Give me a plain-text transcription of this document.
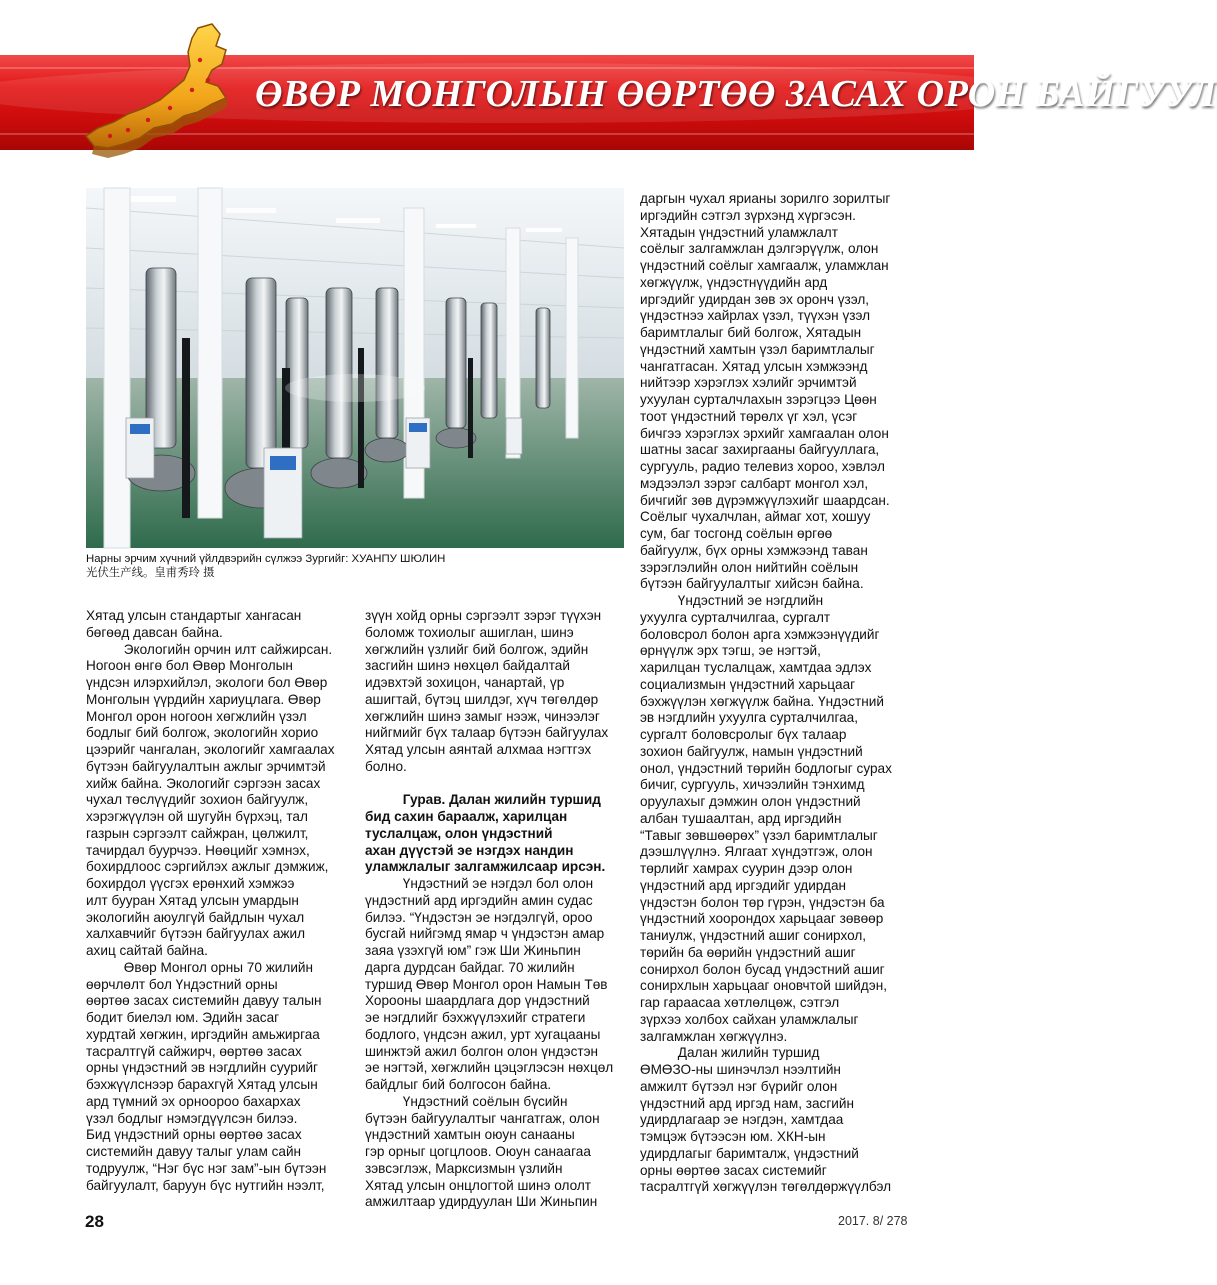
ӨВӨР МОНГОЛЫН ӨӨРТӨӨ ЗАСАХ ОРОН БАЙГУУЛ
Нарны эрчим хүчний үйлдвэрийн сүлжээ Зургийг: ХУАНПУ ШЮЛИН
光伏生产线。皇甫秀玲 摄

Хятад улсын стандартыг хангасан

бөгөөд давсан байна.

Экологийн орчин илт сайжирсан.

Ногоон өнгө бол Өвөр Монголын

үндсэн илэрхийлэл, экологи бол Өвөр

Монголын үүрдийн хариуцлага. Өвөр

Монгол орон ногоон хөгжлийн үзэл

бодлыг бий болгож, экологийн хорио

цээрийг чангалан, экологийг хамгаалах

бүтээн байгуулалтын ажлыг эрчимтэй

хийж байна. Экологийг сэргээн засах

чухал төслүүдийг зохион байгуулж,

хэрэгжүүлэн ой шугуйн бүрхэц, тал

газрын сэргээлт сайжран, цөлжилт,

тачирдал буурчээ. Нөөцийг хэмнэх,

бохирдлоос сэргийлэх ажлыг дэмжиж,

бохирдол үүсгэх ерөнхий хэмжээ

илт бууран Хятад улсын умардын

экологийн аюулгүй байдлын чухал

халхавчийг бүтээн байгуулах ажил

ахиц сайтай байна.

Өвөр Монгол орны 70 жилийн

өөрчлөлт бол Үндэстний орны

өөртөө засах системийн давуу талын

бодит биелэл юм. Эдийн засаг

хурдтай хөгжин, иргэдийн амьжиргаа

тасралтгүй сайжирч, өөртөө засах

орны үндэстний эв нэгдлийн суурийг

бэхжүүлснээр барахгүй Хятад улсын

ард түмний эх орноороо бахархах

үзэл бодлыг нэмэгдүүлсэн билээ.

Бид үндэстний орны өөртөө засах

системийн давуу талыг улам сайн

тодруулж, “Нэг бүс нэг зам”-ын бүтээн

байгуулалт, баруун бүс нутгийн нээлт,

зүүн хойд орны сэргээлт зэрэг түүхэн

боломж тохиолыг ашиглан, шинэ

хөгжлийн үзлийг бий болгож, эдийн

засгийн шинэ нөхцөл байдалтай

идэвхтэй зохицон, чанартай, үр

ашигтай, бүтэц шилдэг, хүч төгөлдөр

хөгжлийн шинэ замыг нээж, чинээлэг

нийгмийг бүх талаар бүтээн байгуулах

Хятад улсын аянтай алхмаа нэгтгэх

болно.

Гурав. Далан жилийн туршид

бид сахин бараалж, харилцан

туслалцаж, олон үндэстний

ахан дүүстэй эе нэгдэх нандин

уламжлалыг залгамжилсаар ирсэн.

Үндэстний эе нэгдэл бол олон

үндэстний ард иргэдийн амин судас

билээ. “Үндэстэн эе нэгдэлгүй, ороо

бусгай нийгэмд ямар ч үндэстэн амар

заяа үзэхгүй юм” гэж Ши Жиньпин

дарга дурдсан байдаг. 70 жилийн

туршид Өвөр Монгол орон Намын Төв

Хорооны шаардлага дор үндэстний

эе нэгдлийг бэхжүүлэхийг стратеги

бодлого, үндсэн ажил, урт хугацааны

шинжтэй ажил болгон олон үндэстэн

эе нэгтэй, хөгжлийн цэцэглэсэн нөхцөл

байдлыг бий болгосон байна.

Үндэстний соёлын бүсийн

бүтээн байгуулалтыг чангатгаж, олон

үндэстний хамтын оюун санааны

гэр орныг цогцлоов. Оюун санаагаа

зэвсэглэж, Марксизмын үзлийн

Хятад улсын онцлогтой шинэ ололт

амжилтаар удирдуулан Ши Жиньпин

даргын чухал ярианы зорилго зорилтыг

иргэдийн сэтгэл зүрхэнд хүргэсэн.

Хятадын үндэстний уламжлалт

соёлыг залгамжлан дэлгэрүүлж, олон

үндэстний соёлыг хамгаалж, уламжлан

хөгжүүлж, үндэстнүүдийн ард

иргэдийг удирдан зөв эх оронч үзэл,

үндэстнээ хайрлах үзэл, түүхэн үзэл

баримтлалыг бий болгож, Хятадын

үндэстний хамтын үзэл баримтлалыг

чангатгасан. Хятад улсын хэмжээнд

нийтээр хэрэглэх хэлийг эрчимтэй

ухуулан сурталчлахын зэрэгцээ Цөөн

тоот үндэстний төрөлх үг хэл, үсэг

бичгээ хэрэглэх эрхийг хамгаалан олон

шатны засаг захиргааны байгууллага,

сургууль, радио телевиз хороо, хэвлэл

мэдээлэл зэрэг салбарт монгол хэл,

бичгийг зөв дүрэмжүүлэхийг шаардсан.

Соёлыг чухалчлан, аймаг хот, хошуу

сум, баг тосгонд соёлын өргөө

байгуулж, бүх орны хэмжээнд таван

зэрэглэлийн олон нийтийн соёлын

бүтээн байгуулалтыг хийсэн байна.

Үндэстний эе нэгдлийн

ухуулга сурталчилгаа, сургалт

боловсрол болон арга хэмжээнүүдийг

өрнүүлж эрх тэгш, эе нэгтэй,

харилцан туслалцаж, хамтдаа эдлэх

социализмын үндэстний харьцааг

бэхжүүлэн хөгжүүлж байна. Үндэстний

эв нэгдлийн ухуулга сурталчилгаа,

сургалт боловсролыг бүх талаар

зохион байгуулж, намын үндэстний

онол, үндэстний төрийн бодлогыг сурах

бичиг, сургууль, хичээлийн тэнхимд

оруулахыг дэмжин олон үндэстний

албан тушаалтан, ард иргэдийн

“Тавыг зөвшөөрөх” үзэл баримтлалыг

дээшлүүлнэ. Ялгаат хүндэтгэж, олон

төрлийг хамрах суурин дээр олон

үндэстний ард иргэдийг удирдан

үндэстэн болон төр гүрэн, үндэстэн ба

үндэстний хоорондох харьцааг зөвөөр

таниулж, үндэстний ашиг сонирхол,

төрийн ба өөрийн үндэстний ашиг

сонирхол болон бусад үндэстний ашиг

сонирхлын харьцааг оновчтой шийдэн,

гар гараасаа хөтлөлцөж, сэтгэл

зүрхээ холбох сайхан уламжлалыг

залгамжлан хөгжүүлнэ.

Далан жилийн туршид

ӨМӨЗО-ны шинэчлэл нээлтийн

амжилт бүтээл нэг бүрийг олон

үндэстний ард иргэд нам, засгийн

удирдлагаар эе нэгдэн, хамтдаа

тэмцэж бүтээсэн юм. ХКН-ын

удирдлагыг баримталж, үндэстний

орны өөртөө засах системийг

тасралтгүй хөгжүүлэн төгөлдөржүүлбэл

28	2017. 8/ 278
